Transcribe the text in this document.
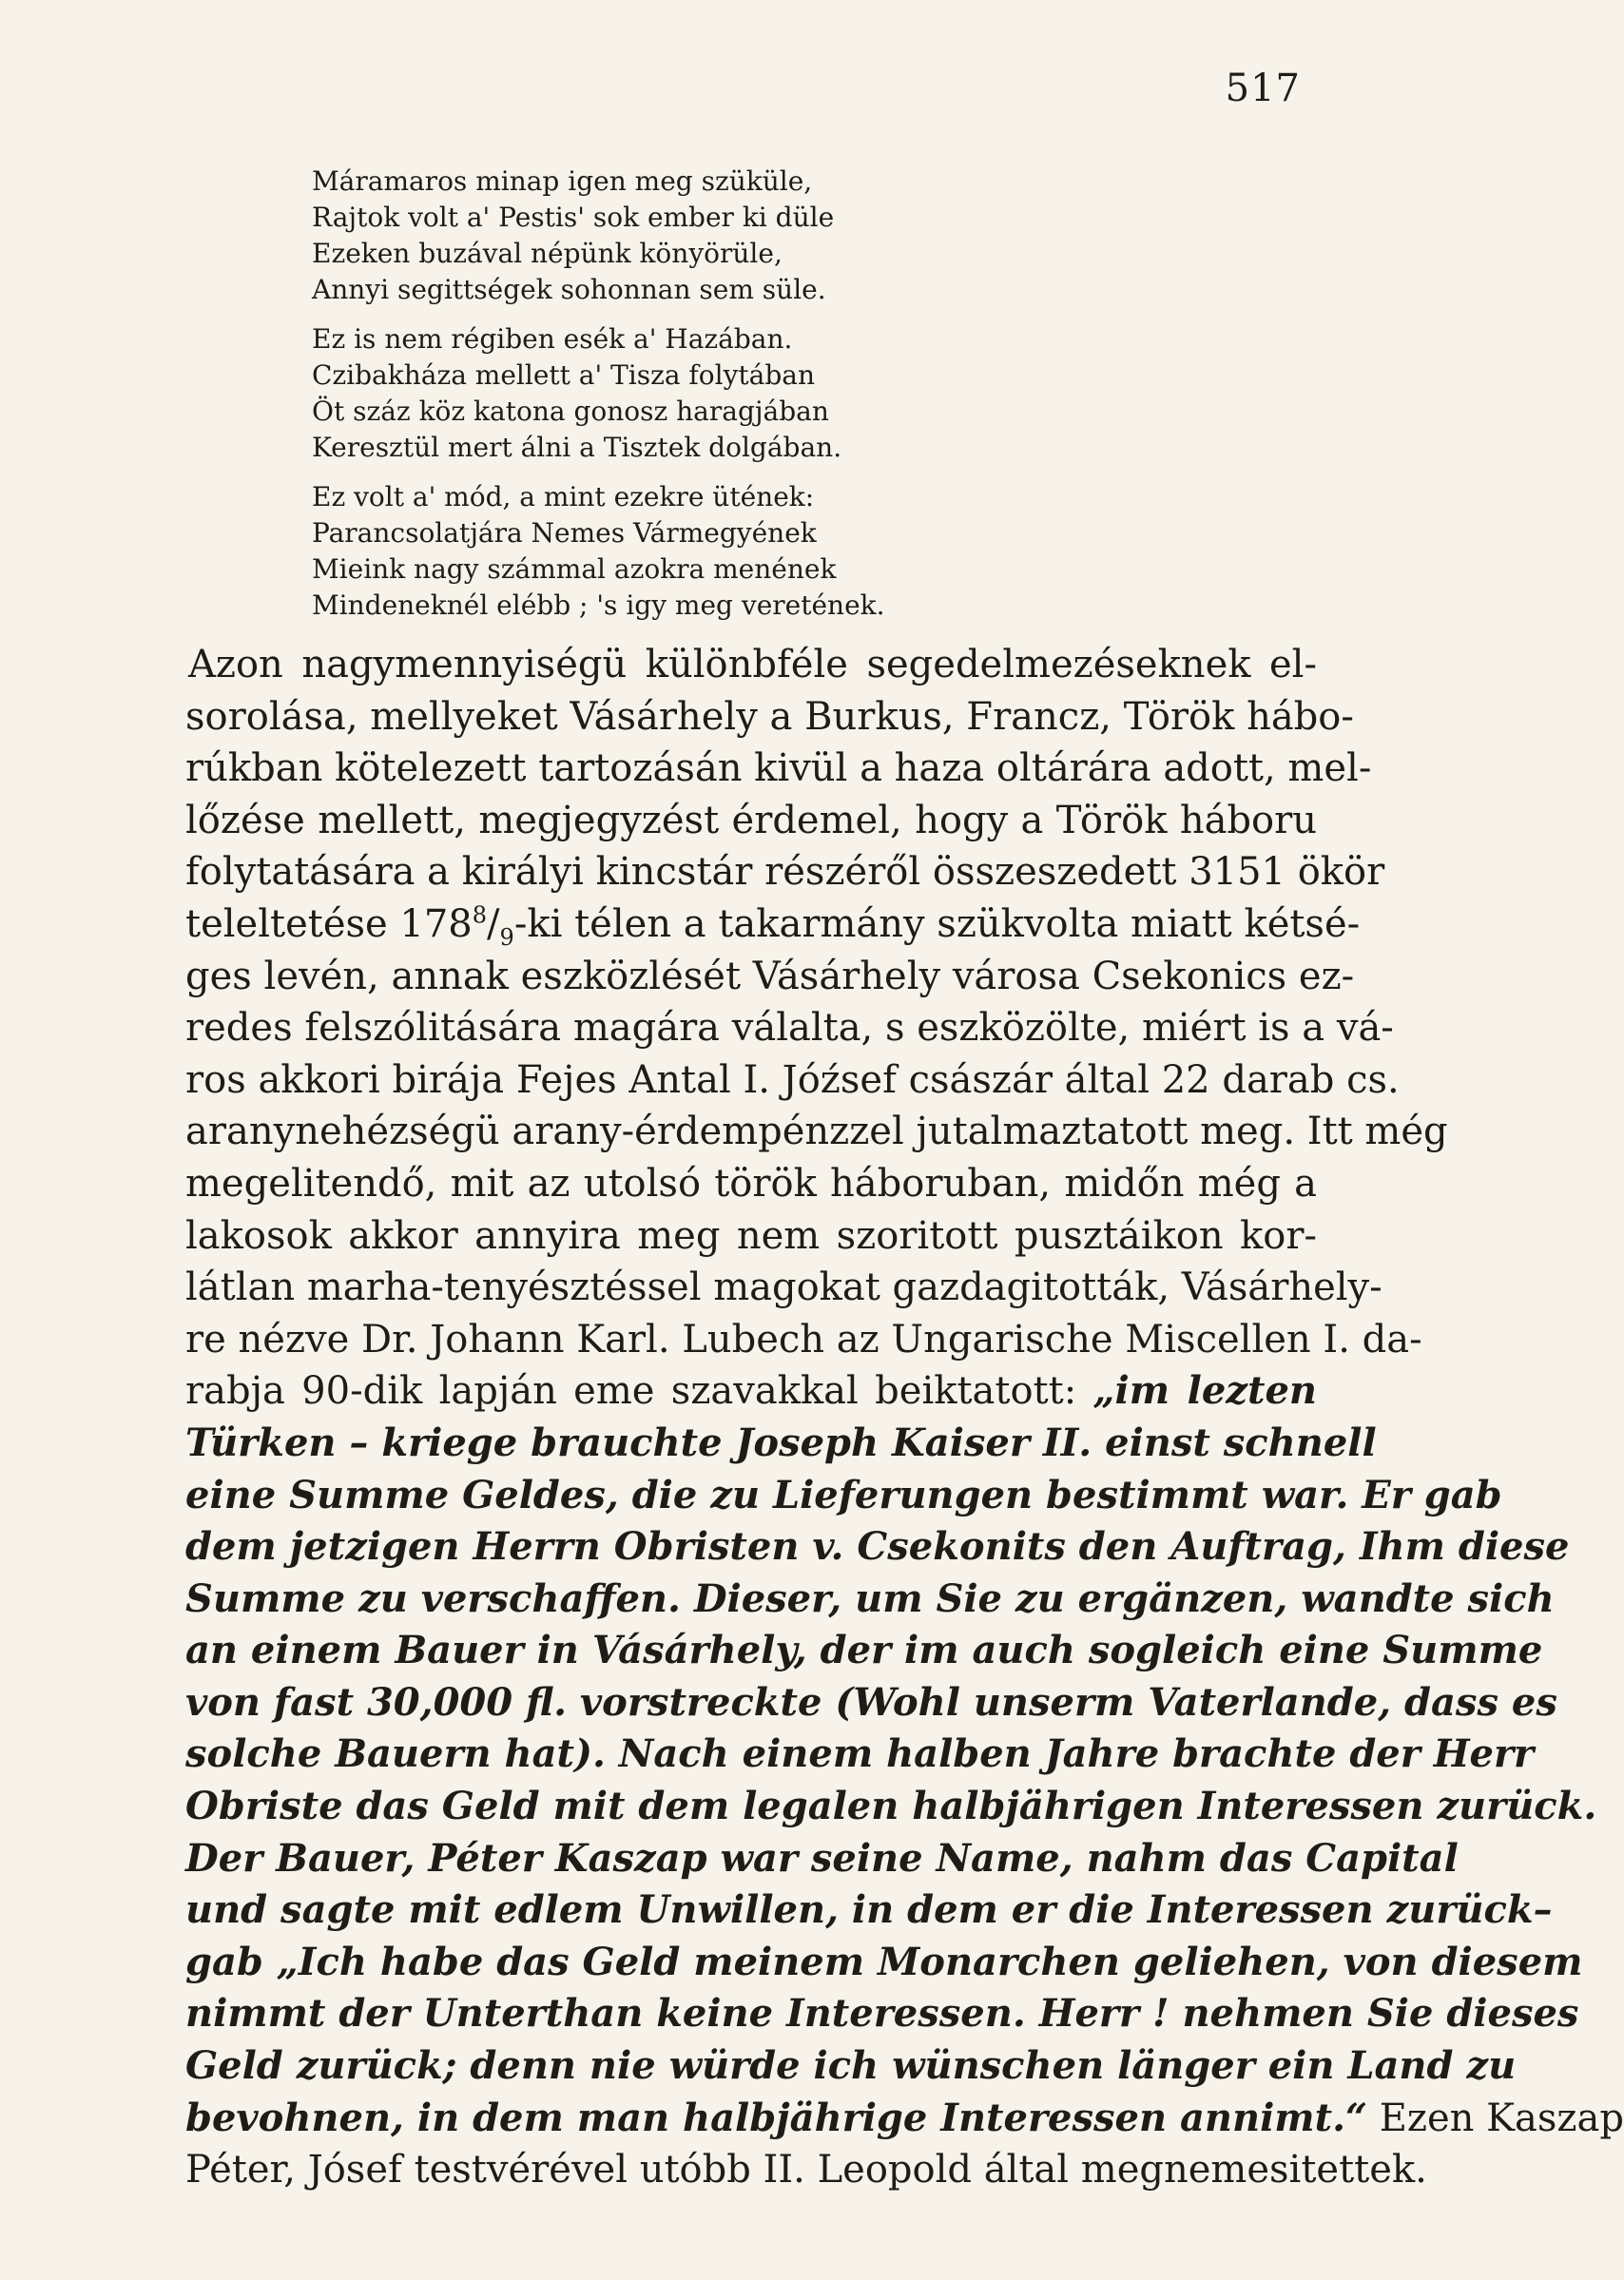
517
Máramaros minap igen meg szüküle,
Rajtok volt a' Pestis' sok ember ki düle
Ezeken buzával népünk könyörüle,
Annyi segittségek sohonnan sem süle.
Ez is nem régiben esék a' Hazában.
Czibakháza mellett a' Tisza folytában
Öt száz köz katona gonosz haragjában
Keresztül mert álni a Tisztek dolgában.
Ez volt a' mód, a mint ezekre ütének:
Parancsolatjára Nemes Vármegyének
Mieink nagy számmal azokra menének
Mindeneknél elébb ; 's igy meg veretének.
Azon nagymennyiségü különbféle segedelmezéseknek el-
sorolása, mellyeket Vásárhely a Burkus, Francz, Török hábo-
rúkban kötelezett tartozásán kivül a haza oltárára adott, mel-
lőzése mellett, megjegyzést érdemel, hogy a Török háboru
folytatására a királyi kincstár részéről összeszedett 3151 ökör
teleltetése $178^8/_9-ki$ télen a takarmány szükvolta miatt kétsé-
ges levén, annak eszközlését Vásárhely városa Csekonics ez-
redes felszólitására magára válalta, s eszközölte, miért is a vá-
ros akkori birája Fejes Antal I. Jóźsef császár által 22 darab cs.
aranynehézségü arany-érdempénzzel jutalmaztatott meg. Itt még
megelitendő, mit az utolsó török háboruban, midőn még a
lakosok akkor annyira meg nem szoritott pusztáikon kor-
látlan marha-tenyésztéssel magokat gazdagitották, Vásárhely-
re nézve Dr. Johann Karl. Lubech az Ungarische Miscellen I. da-
rabja 90-dik lapján eme szavakkal beiktatott: „im lezten
Türken – kriege brauchte Joseph Kaiser II. einst schnell
eine Summe Geldes, die zu Lieferungen bestimmt war. Er gab
dem jetzigen Herrn Obristen v. Csekonits den Auftrag, Ihm diese
Summe zu verschaffen. Dieser, um Sie zu ergänzen, wandte sich
an einem Bauer in Vásárhely, der im auch sogleich eine Summe
von fast 30,000 fl. vorstreckte (Wohl unserm Vaterlande, dass es
solche Bauern hat). Nach einem halben Jahre brachte der Herr
Obriste das Geld mit dem legalen halbjährigen Interessen zurück.
Der Bauer, Péter Kaszap war seine Name, nahm das Capital
und sagte mit edlem Unwillen, in dem er die Interessen zurück–
gab „Ich habe das Geld meinem Monarchen geliehen, von diesem
nimmt der Unterthan keine Interessen. Herr ! nehmen Sie dieses
Geld zurück; denn nie würde ich wünschen länger ein Land zu
bevohnen, in dem man halbjährige Interessen annimt.“ Ezen Kaszap
Péter, Jósef testvérével utóbb II. Leopold által megnemesitettek.
